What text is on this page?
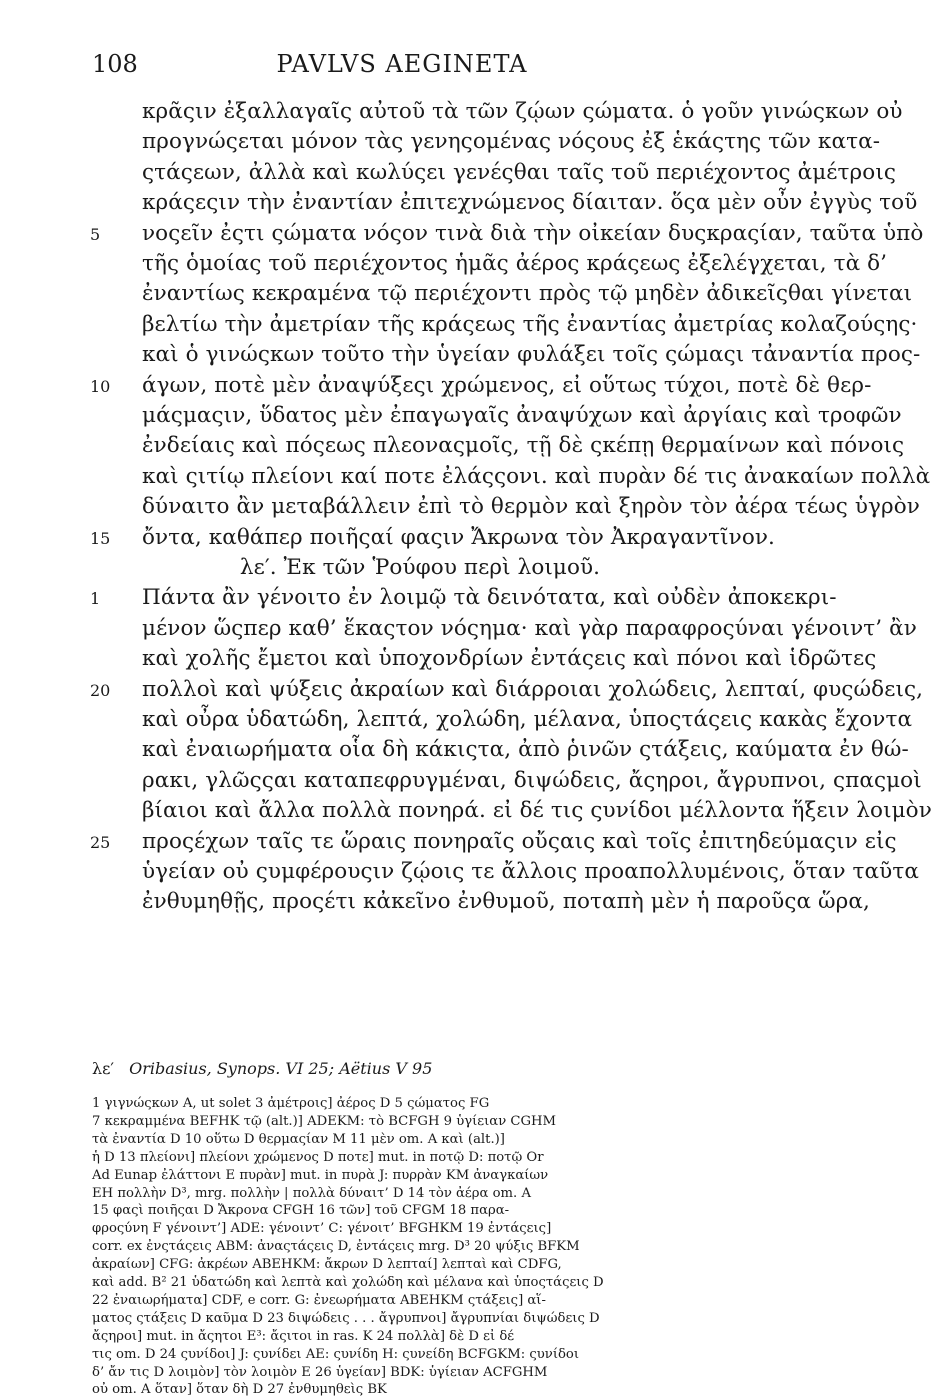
108	PAVLVS AEGINETA
κρᾶςιν ἐξαλλαγαῖς αὐτοῦ τὰ τῶν ζῴων ςώματα. ὁ γοῦν γινώςκων οὐ
προγνώςεται μόνον τὰς γενηςομένας νόςους ἐξ ἑκάςτης τῶν κατα-
ςτάςεων, ἀλλὰ καὶ κωλύςει γενέςθαι ταῖς τοῦ περιέχοντος ἀμέτροις
κράςεςιν τὴν ἐναντίαν ἐπιτεχνώμενος δίαιταν. ὅςα μὲν οὖν ἐγγὺς τοῦ
5 νοςεῖν ἐςτι ςώματα νόςον τινὰ διὰ τὴν οἰκείαν δυςκραςίαν, ταῦτα ὑπὸ
τῆς ὁμοίας τοῦ περιέχοντος ἡμᾶς ἀέρος κράςεως ἐξελέγχεται, τὰ δ’
ἐναντίως κεκραμένα τῷ περιέχοντι πρὸς τῷ μηδὲν ἀδικεῖςθαι γίνεται
βελτίω τὴν ἀμετρίαν τῆς κράςεως τῆς ἐναντίας ἀμετρίας κολαζούςης·
καὶ ὁ γινώςκων τοῦτο τὴν ὑγείαν φυλάξει τοῖς ςώμαςι τἀναντία προς-
10 άγων, ποτὲ μὲν ἀναψύξεςι χρώμενος, εἰ οὕτως τύχοι, ποτὲ δὲ θερ-
μάςμαςιν, ὕδατος μὲν ἐπαγωγαῖς ἀναψύχων καὶ ἀργίαις καὶ τροφῶν
ἐνδείαις καὶ πόςεως πλεοναςμοῖς, τῇ δὲ ςκέπῃ θερμαίνων καὶ πόνοις
καὶ ςιτίῳ πλείονι καί ποτε ἐλάςςονι. καὶ πυρὰν δέ τις ἀνακαίων πολλὰ
δύναιτο ἂν μεταβάλλειν ἐπὶ τὸ θερμὸν καὶ ξηρὸν τὸν ἀέρα τέως ὑγρὸν
15 ὄντα, καθάπερ ποιῆςαί φαςιν Ἄκρωνα τὸν Ἀκραγαντῖνον.
λε′. Ἐκ τῶν Ῥούφου περὶ λοιμοῦ.
1 Πάντα ἂν γένοιτο ἐν λοιμῷ τὰ δεινότατα, καὶ οὐδὲν ἀποκεκρι-
μένον ὥςπερ καθ’ ἕκαςτον νόςημα· καὶ γὰρ παραφροςύναι γένοιντ’ ἂν
καὶ χολῆς ἔμετοι καὶ ὑποχονδρίων ἐντάςεις καὶ πόνοι καὶ ἱδρῶτες
20 πολλοὶ καὶ ψύξεις ἀκραίων καὶ διάρροιαι χολώδεις, λεπταί, φυςώδεις,
καὶ οὖρα ὑδατώδη, λεπτά, χολώδη, μέλανα, ὑποςτάςεις κακὰς ἔχοντα
καὶ ἐναιωρήματα οἷα δὴ κάκιςτα, ἀπὸ ῥινῶν ςτάξεις, καύματα ἐν θώ-
ρακι, γλῶςςαι καταπεφρυγμέναι, διψώδεις, ἄςηροι, ἄγρυπνοι, ςπαςμοὶ
βίαιοι καὶ ἄλλα πολλὰ πονηρά. εἰ δέ τις ςυνίδοι μέλλοντα ἥξειν λοιμὸν
25 προςέχων ταῖς τε ὥραις πονηραῖς οὔςαις καὶ τοῖς ἐπιτηδεύμαςιν εἰς
ὑγείαν οὐ ςυμφέρουςιν ζῴοις τε ἄλλοις προαπολλυμένοις, ὅταν ταῦτα
ἐνθυμηθῇς, προςέτι κἀκεῖνο ἐνθυμοῦ, ποταπὴ μὲν ἡ παροῦςα ὥρα,
λε′ Oribasius, Synops. VI 25; Aëtius V 95
1 γιγνώςκων A, ut solet 3 ἀμέτροις] ἀέρος D 5 ςώματος FG
7 κεκραμμένα BEFHK τῷ (alt.)] ADEKM: τὸ BCFGH 9 ὑγίειαν CGHM
τὰ ἐναντία D 10 οὕτω D θερμαςίαν M 11 μὲν om. A καὶ (alt.)]
ἡ D 13 πλείονι] πλείονι χρώμενος D ποτε] mut. in ποτῷ D: ποτῷ Or
Ad Eunap ἐλάττονι E πυρὰν] mut. in πυρὰ J: πυρρὰν KM ἀναγκαίων
EH πολλὴν D³, mrg. πολλὴν | πολλὰ δύναιτ’ D 14 τὸν ἀέρα om. A
15 φαςὶ ποιῆςαι D Ἄκρονα CFGH 16 τῶν] τοῦ CFGM 18 παρα-
φροςύνη F γένοιντ’] ADE: γένοιντ’ C: γένοιτ’ BFGHKM 19 ἐντάςεις]
corr. ex ἐνςτάςεις ABM: ἀναςτάςεις D, ἐντάςεις mrg. D³ 20 ψύξις BFKM
ἀκραίων] CFG: ἀκρέων ABEHKM: ἄκρων D λεπταί] λεπταὶ καὶ CDFG,
καὶ add. B² 21 ὑδατώδη καὶ λεπτὰ καὶ χολώδη καὶ μέλανα καὶ ὑποςτάςεις D
22 ἐναιωρήματα] CDF, e corr. G: ἐνεωρήματα ABEHKM ςτάξεις] αἵ-
ματος ςτάξεις D καῦμα D 23 διψώδεις . . . ἄγρυπνοι] ἄγρυπνίαι διψώδεις D
ἄςηροι] mut. in ἄςητοι E³: ἄςιτοι in ras. K 24 πολλὰ] δὲ D εἰ δέ
τις om. D 24 ςυνίδοι] J: ςυνίδει AE: ςυνίδη H: ςυνείδη BCFGKM: ςυνίδοι
δ’ ἄν τις D λοιμὸν] τὸν λοιμὸν E 26 ὑγείαν] BDK: ὑγίειαν ACFGHM
οὐ om. A ὅταν] ὅταν δὴ D 27 ἐνθυμηθεὶς BK
